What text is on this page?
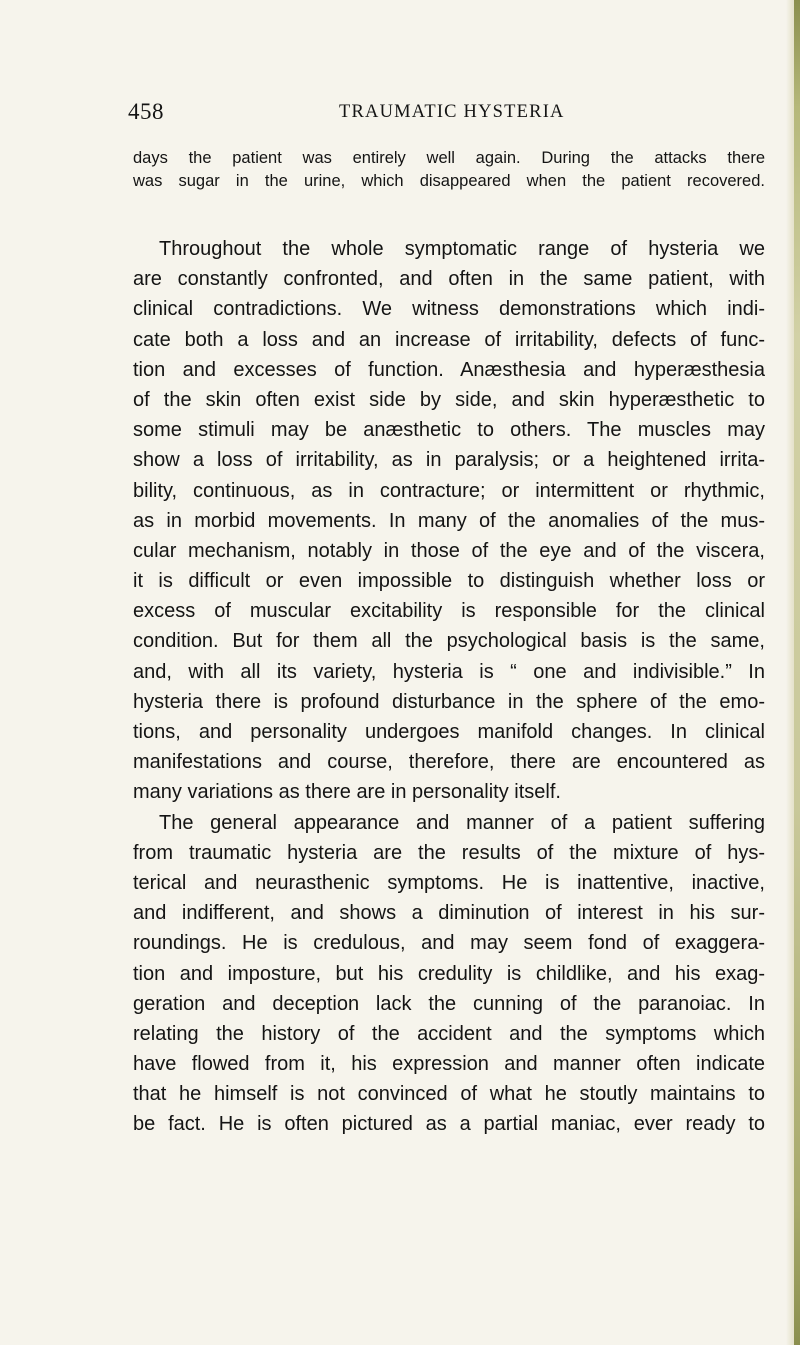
458	TRAUMATIC HYSTERIA
days the patient was entirely well again. During the attacks there
was sugar in the urine, which disappeared when the patient recovered.
Throughout the whole symptomatic range of hysteria we
are constantly confronted, and often in the same patient, with
clinical contradictions. We witness demonstrations which indi-
cate both a loss and an increase of irritability, defects of func-
tion and excesses of function. Anæsthesia and hyperæsthesia
of the skin often exist side by side, and skin hyperæsthetic to
some stimuli may be anæsthetic to others. The muscles may
show a loss of irritability, as in paralysis; or a heightened irrita-
bility, continuous, as in contracture; or intermittent or rhythmic,
as in morbid movements. In many of the anomalies of the mus-
cular mechanism, notably in those of the eye and of the viscera,
it is difficult or even impossible to distinguish whether loss or
excess of muscular excitability is responsible for the clinical
condition. But for them all the psychological basis is the same,
and, with all its variety, hysteria is “ one and indivisible.” In
hysteria there is profound disturbance in the sphere of the emo-
tions, and personality undergoes manifold changes. In clinical
manifestations and course, therefore, there are encountered as
many variations as there are in personality itself.
The general appearance and manner of a patient suffering
from traumatic hysteria are the results of the mixture of hys-
terical and neurasthenic symptoms. He is inattentive, inactive,
and indifferent, and shows a diminution of interest in his sur-
roundings. He is credulous, and may seem fond of exaggera-
tion and imposture, but his credulity is childlike, and his exag-
geration and deception lack the cunning of the paranoiac. In
relating the history of the accident and the symptoms which
have flowed from it, his expression and manner often indicate
that he himself is not convinced of what he stoutly maintains to
be fact. He is often pictured as a partial maniac, ever ready to
